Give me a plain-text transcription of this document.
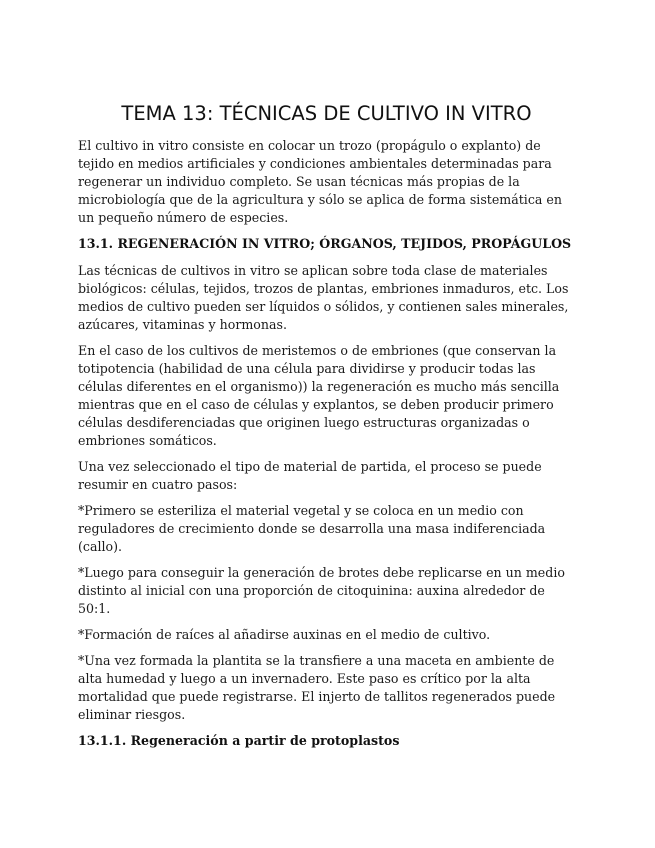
TEMA 13: TÉCNICAS DE CULTIVO IN VITRO

El cultivo in vitro consiste en colocar un trozo (propágulo o explanto) de tejido en medios artificiales y condiciones ambientales determinadas para regenerar un individuo completo. Se usan técnicas más propias de la microbiología que de la agricultura y sólo se aplica de forma sistemática en un pequeño número de especies.

13.1. REGENERACIÓN IN VITRO; ÓRGANOS, TEJIDOS, PROPÁGULOS

Las técnicas de cultivos in vitro se aplican sobre toda clase de materiales biológicos: células, tejidos, trozos de plantas, embriones inmaduros, etc. Los medios de cultivo pueden ser líquidos o sólidos, y contienen sales minerales, azúcares, vitaminas y hormonas.

En el caso de los cultivos de meristemos o de embriones (que conservan la totipotencia (habilidad de una célula para dividirse y producir todas las células diferentes en el organismo)) la regeneración es mucho más sencilla mientras que en el caso de células y explantos, se deben producir primero células desdiferenciadas que originen luego estructuras organizadas o embriones somáticos.

Una vez seleccionado el tipo de material de partida, el proceso se puede resumir en cuatro pasos:

*Primero se esteriliza el material vegetal y se coloca en un medio con reguladores de crecimiento donde se desarrolla una masa indiferenciada (callo).

*Luego para conseguir la generación de brotes debe replicarse en un medio distinto al inicial con una proporción de citoquinina: auxina alrededor de 50:1.

*Formación de raíces al añadirse auxinas en el medio de cultivo.

*Una vez formada la plantita se la transfiere a una maceta en ambiente de alta humedad y luego a un invernadero. Este paso es crítico por la alta mortalidad que puede registrarse. El injerto de tallitos regenerados puede eliminar riesgos.

13.1.1. Regeneración a partir de protoplastos
